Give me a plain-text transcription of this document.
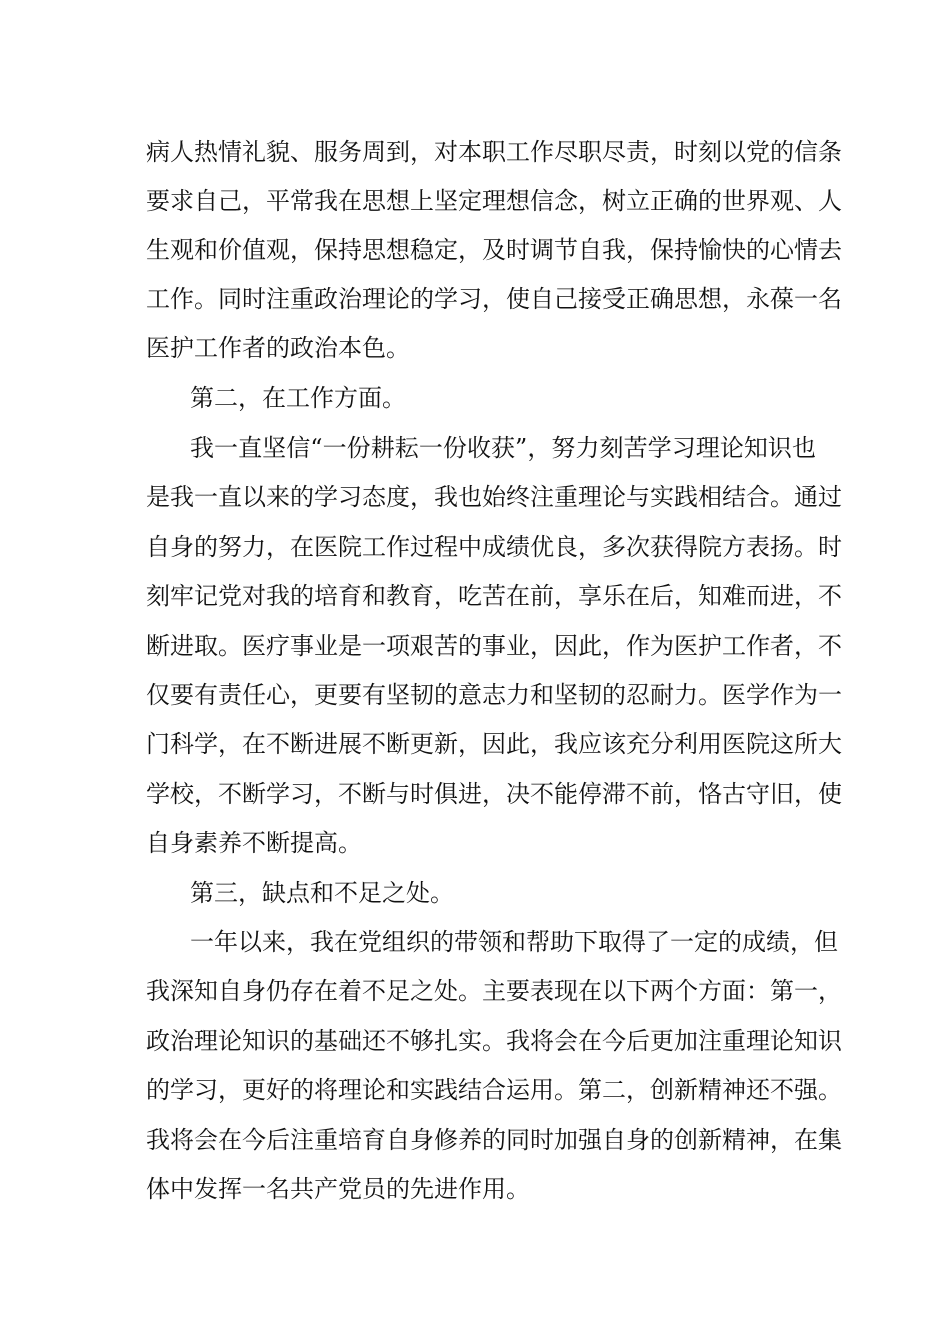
病人热情礼貌、服务周到，对本职工作尽职尽责，时刻以党的信条
要求自己，平常我在思想上坚定理想信念，树立正确的世界观、人
生观和价值观，保持思想稳定，及时调节自我，保持愉快的心情去
工作。同时注重政治理论的学习，使自己接受正确思想，永葆一名
医护工作者的政治本色。
第二，在工作方面。
我一直坚信“一份耕耘一份收获”，努力刻苦学习理论知识也
是我一直以来的学习态度，我也始终注重理论与实践相结合。通过
自身的努力，在医院工作过程中成绩优良，多次获得院方表扬。时
刻牢记党对我的培育和教育，吃苦在前，享乐在后，知难而进，不
断进取。医疗事业是一项艰苦的事业，因此，作为医护工作者，不
仅要有责任心，更要有坚韧的意志力和坚韧的忍耐力。医学作为一
门科学，在不断进展不断更新，因此，我应该充分利用医院这所大
学校，不断学习，不断与时俱进，决不能停滞不前，恪古守旧，使
自身素养不断提高。
第三，缺点和不足之处。
一年以来，我在党组织的带领和帮助下取得了一定的成绩，但
我深知自身仍存在着不足之处。主要表现在以下两个方面：第一，
政治理论知识的基础还不够扎实。我将会在今后更加注重理论知识
的学习，更好的将理论和实践结合运用。第二，创新精神还不强。
我将会在今后注重培育自身修养的同时加强自身的创新精神，在集
体中发挥一名共产党员的先进作用。
